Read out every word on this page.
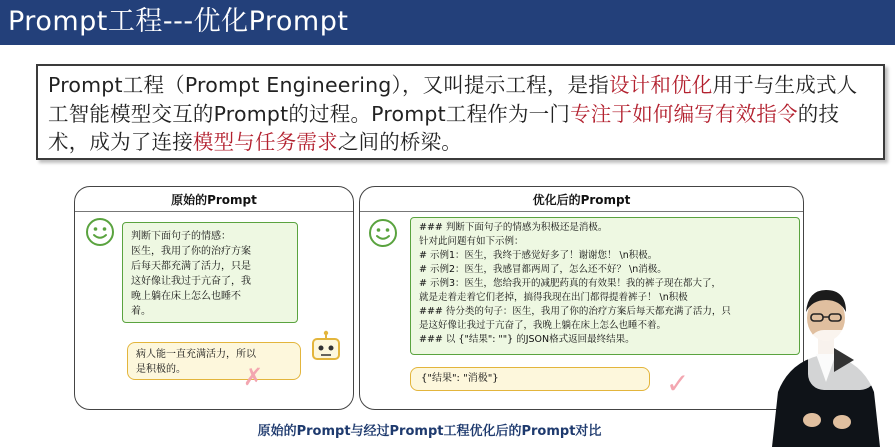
Prompt工程---优化Prompt
Prompt工程（Prompt Engineering），又叫提示工程，是指设计和优化用于与生成式人工智能模型交互的Prompt的过程。Prompt工程作为一门专注于如何编写有效指令的技术，成为了连接模型与任务需求之间的桥梁。
原始的Prompt
判断下面句子的情感：
医生，我用了你的治疗方案
后每天都充满了活力，只是
这好像让我过于亢奋了，我
晚上躺在床上怎么也睡不
着。
病人能一直充满活力，所以
是积极的。	✗
优化后的Prompt
### 判断下面句子的情感为积极还是消极。
针对此问题有如下示例：
# 示例1：医生，我终于感觉好多了！谢谢您！ \n积极。
# 示例2：医生，我感冒都两周了，怎么还不好？ \n消极。
# 示例3：医生，您给我开的减肥药真的有效果！我的裤子现在都大了，
就是走着走着它们老掉，搞得我现在出门都得提着裤子！ \n积极
### 待分类的句子：医生，我用了你的治疗方案后每天都充满了活力，只
是这好像让我过于亢奋了，我晚上躺在床上怎么也睡不着。
### 以 {"结果": ""} 的JSON格式返回最终结果。
{"结果": "消极"}	✓
原始的Prompt与经过Prompt工程优化后的Prompt对比
